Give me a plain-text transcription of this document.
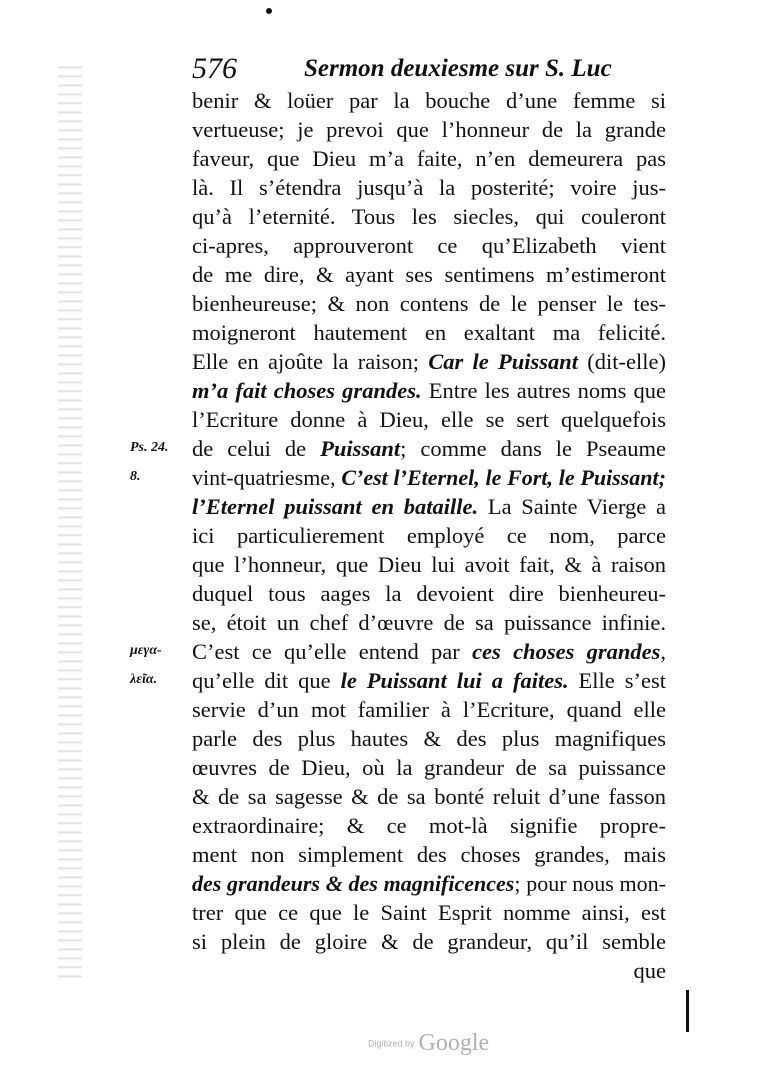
576	Sermon deuxiesme sur S. Luc
benir & loüer par la bouche d’une femme si
vertueuse; je prevoi que l’honneur de la grande
faveur, que Dieu m’a faite, n’en demeurera pas
là. Il s’étendra jusqu’à la posterité; voire jus-
qu’à l’eternité. Tous les siecles, qui couleront
ci-apres, approuveront ce qu’Elizabeth vient
de me dire, & ayant ses sentimens m’estimeront
bienheureuse; & non contens de le penser le tes-
moigneront hautement en exaltant ma felicité.
Elle en ajoûte la raison; Car le Puissant (dit-elle)
m’a fait choses grandes. Entre les autres noms que
l’Ecriture donne à Dieu, elle se sert quelquefois
de celui de Puissant; comme dans le Pseaume
vint-quatriesme, C’est l’Eternel, le Fort, le Puissant;
l’Eternel puissant en bataille. La Sainte Vierge a
ici particulierement employé ce nom, parce
que l’honneur, que Dieu lui avoit fait, & à raison
duquel tous aages la devoient dire bienheureu-
se, étoit un chef d’œuvre de sa puissance infinie.
C’est ce qu’elle entend par ces choses grandes,
qu’elle dit que le Puissant lui a faites. Elle s’est
servie d’un mot familier à l’Ecriture, quand elle
parle des plus hautes & des plus magnifiques
œuvres de Dieu, où la grandeur de sa puissance
& de sa sagesse & de sa bonté reluit d’une fasson
extraordinaire; & ce mot-là signifie propre-
ment non simplement des choses grandes, mais
des grandeurs & des magnificences; pour nous mon-
trer que ce que le Saint Esprit nomme ainsi, est
si plein de gloire & de grandeur, qu’il semble
que
Ps. 24.
8.
μεγα-
λεῖα.
Digitized by Google
